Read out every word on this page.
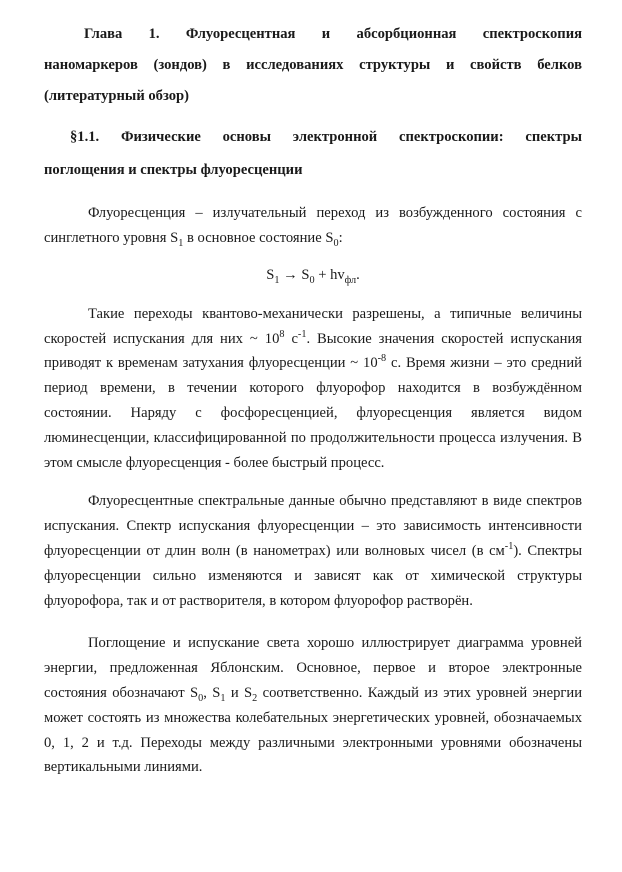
Глава 1. Флуоресцентная и абсорбционная спектроскопия
наномаркеров (зондов) в исследованиях структуры и свойств белков
(литературный обзор)
§1.1. Физические основы электронной спектроскопии: спектры
поглощения и спектры флуоресценции

Флуоресценция – излучательный переход из возбужденного состояния с синглетного уровня $S_1$ в основное состояние $S_0$:

$S_1 \to S_0 + hv_{фл}$.

Такие переходы квантово-механически разрешены, а типичные величины скоростей испускания для них ~ $10^8$ $с^{-1}$. Высокие значения скоростей испускания приводят к временам затухания флуоресценции ~ $10^{-8}$ с. Время жизни – это средний период времени, в течении которого флуорофор находится в возбуждённом состоянии. Наряду с фосфоресценцией, флуоресценция является видом люминесценции, классифицированной по продолжительности процесса излучения. В этом смысле флуоресценция - более быстрый процесс.

Флуоресцентные спектральные данные обычно представляют в виде спектров испускания. Спектр испускания флуоресценции – это зависимость интенсивности флуоресценции от длин волн (в нанометрах) или волновых чисел (в $см^{-1}$). Спектры флуоресценции сильно изменяются и зависят как от химической структуры флуорофора, так и от растворителя, в котором флуорофор растворён.

Поглощение и испускание света хорошо иллюстрирует диаграмма уровней энергии, предложенная Яблонским. Основное, первое и второе электронные состояния обозначают $S_0$, $S_1$ и $S_2$ соответственно. Каждый из этих уровней энергии может состоять из множества колебательных энергетических уровней, обозначаемых 0, 1, 2 и т.д. Переходы между различными электронными уровнями обозначены вертикальными линиями.
